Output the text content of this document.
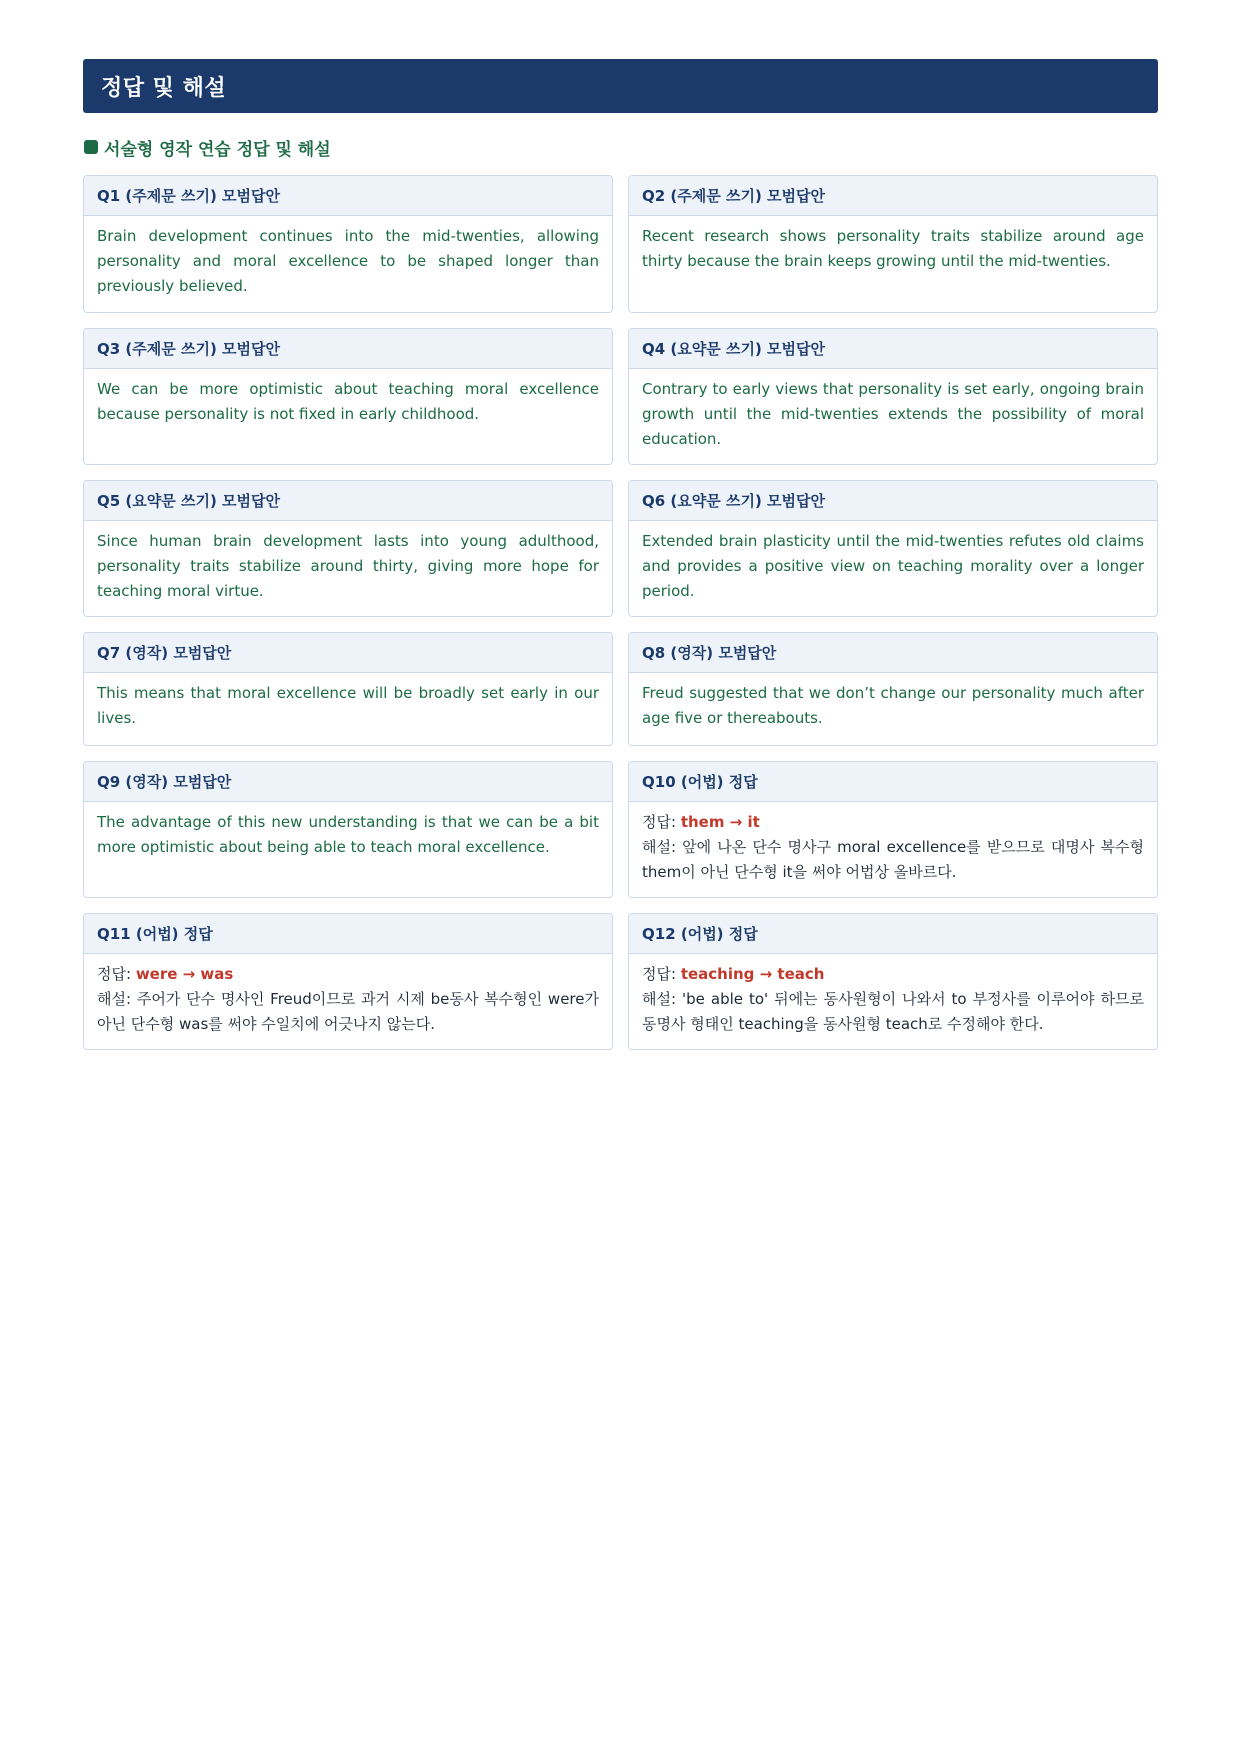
정답 및 해설
서술형 영작 연습 정답 및 해설
Q1 (주제문 쓰기) 모범답안
Brain development continues into the mid-twenties, allowing personality and moral excellence to be shaped longer than previously believed.
Q2 (주제문 쓰기) 모범답안
Recent research shows personality traits stabilize around age thirty because the brain keeps growing until the mid-twenties.
Q3 (주제문 쓰기) 모범답안
We can be more optimistic about teaching moral excellence because personality is not fixed in early childhood.
Q4 (요약문 쓰기) 모범답안
Contrary to early views that personality is set early, ongoing brain growth until the mid-twenties extends the possibility of moral education.
Q5 (요약문 쓰기) 모범답안
Since human brain development lasts into young adulthood, personality traits stabilize around thirty, giving more hope for teaching moral virtue.
Q6 (요약문 쓰기) 모범답안
Extended brain plasticity until the mid-twenties refutes old claims and provides a positive view on teaching morality over a longer period.
Q7 (영작) 모범답안
This means that moral excellence will be broadly set early in our lives.
Q8 (영작) 모범답안
Freud suggested that we don’t change our personality much after age five or thereabouts.
Q9 (영작) 모범답안
The advantage of this new understanding is that we can be a bit more optimistic about being able to teach moral excellence.
Q10 (어법) 정답
정답: them → it
해설: 앞에 나온 단수 명사구 moral excellence를 받으므로 대명사 복수형 them이 아닌 단수형 it을 써야 어법상 올바르다.
Q11 (어법) 정답
정답: were → was
해설: 주어가 단수 명사인 Freud이므로 과거 시제 be동사 복수형인 were가 아닌 단수형 was를 써야 수일치에 어긋나지 않는다.
Q12 (어법) 정답
정답: teaching → teach
해설: 'be able to' 뒤에는 동사원형이 나와서 to 부정사를 이루어야 하므로 동명사 형태인 teaching을 동사원형 teach로 수정해야 한다.
